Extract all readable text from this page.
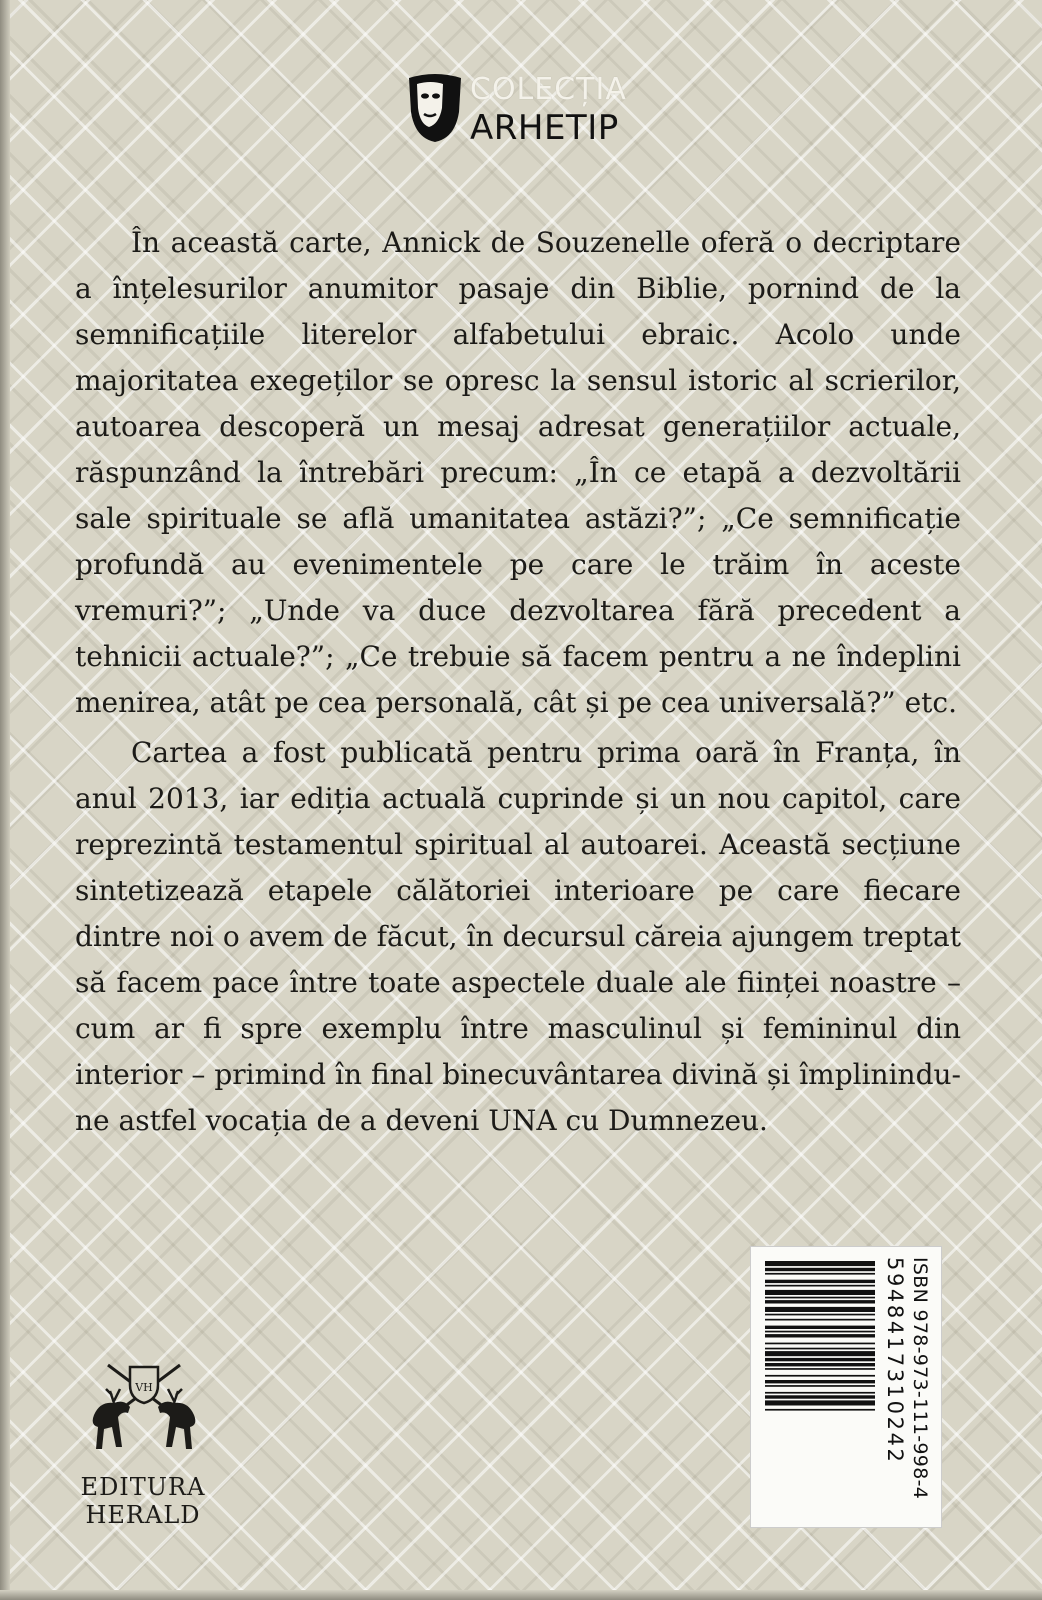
COLECȚIA
ARHETIP

În această carte, Annick de Souzenelle oferă o decriptare a înțelesurilor anumitor pasaje din Biblie, pornind de la semnificațiile literelor alfabetului ebraic. Acolo unde majoritatea exegeților se opresc la sensul istoric al scrierilor, autoarea descoperă un mesaj adresat generațiilor actuale, răspunzând la întrebări precum: „În ce etapă a dezvoltării sale spirituale se află umanitatea astăzi?”; „Ce semnificație profundă au evenimentele pe care le trăim în aceste vremuri?”; „Unde va duce dezvoltarea fără precedent a tehnicii actuale?”; „Ce trebuie să facem pentru a ne îndeplini menirea, atât pe cea personală, cât și pe cea universală?” etc.

Cartea a fost publicată pentru prima oară în Franța, în anul 2013, iar ediția actuală cuprinde și un nou capitol, care reprezintă testamentul spiritual al autoarei. Această secțiune sintetizează etapele călătoriei interioare pe care fiecare dintre noi o avem de făcut, în decursul căreia ajungem treptat să facem pace între toate aspectele duale ale ființei noastre – cum ar fi spre exemplu între masculinul și femininul din interior – primind în final binecuvântarea divină și împlinindu-ne astfel vocația de a deveni UNA cu Dumnezeu.

VH
EDITURA
HERALD
ISBN 978-973-111-998-4
5948417310242
